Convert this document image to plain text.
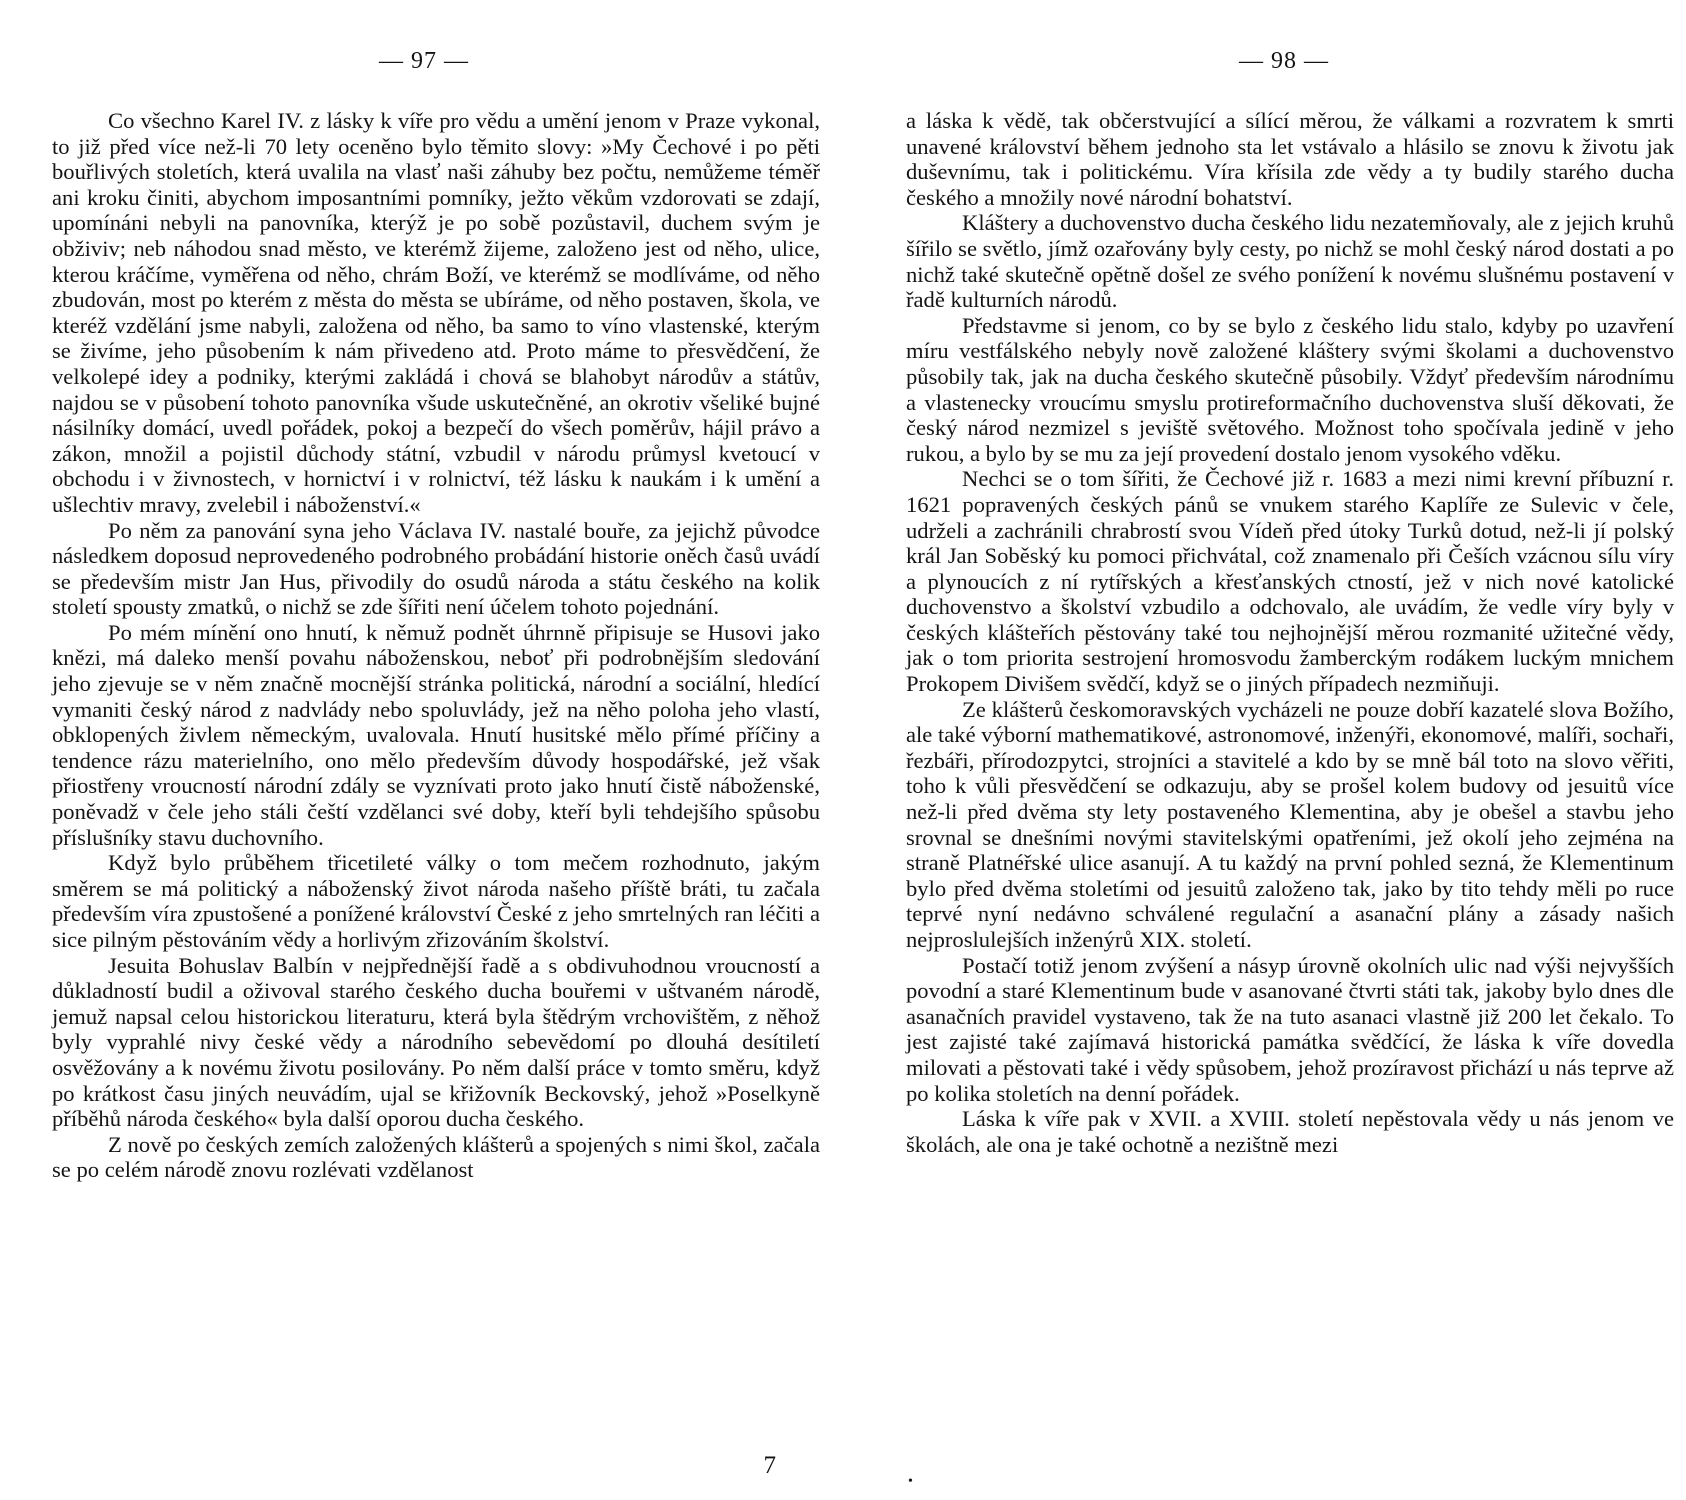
— 97 —

Co všechno Karel IV. z lásky k víře pro vědu a umění jenom v Praze vykonal, to již před více než-li 70 lety oceněno bylo těmito slovy: »My Čechové i po pěti bouřlivých stoletích, která uvalila na vlasť naši záhuby bez počtu, nemůžeme téměř ani kroku činiti, abychom imposantními pomníky, ježto věkům vzdorovati se zdají, upomínáni nebyli na panovníka, kterýž je po sobě pozůstavil, duchem svým je obživiv; neb náhodou snad město, ve kterémž žijeme, založeno jest od něho, ulice, kterou kráčíme, vyměřena od něho, chrám Boží, ve kterémž se modlíváme, od něho zbudován, most po kterém z města do města se ubíráme, od něho postaven, škola, ve kteréž vzdělání jsme nabyli, založena od něho, ba samo to víno vlastenské, kterým se živíme, jeho působením k nám přivedeno atd. Proto máme to přesvědčení, že velkolepé idey a podniky, kterými zakládá i chová se blahobyt národův a státův, najdou se v působení tohoto panovníka všude uskutečněné, an okrotiv všeliké bujné násilníky domácí, uvedl pořádek, pokoj a bezpečí do všech poměrův, hájil právo a zákon, množil a pojistil důchody státní, vzbudil v národu průmysl kvetoucí v obchodu i v živnostech, v hornictví i v rolnictví, též lásku k naukám i k umění a ušlechtiv mravy, zvelebil i náboženství.«

Po něm za panování syna jeho Václava IV. nastalé bouře, za jejichž původce následkem doposud neprovedeného podrobného probádání historie oněch časů uvádí se především mistr Jan Hus, přivodily do osudů národa a státu českého na kolik století spousty zmatků, o nichž se zde šířiti není účelem tohoto pojednání.

Po mém mínění ono hnutí, k němuž podnět úhrnně připisuje se Husovi jako knězi, má daleko menší povahu náboženskou, neboť při podrobnějším sledování jeho zjevuje se v něm značně mocnější stránka politická, národní a sociální, hledící vymaniti český národ z nadvlády nebo spoluvlády, jež na něho poloha jeho vlastí, obklopených živlem německým, uvalovala. Hnutí husitské mělo přímé příčiny a tendence rázu materielního, ono mělo především důvody hospodářské, jež však přiostřeny vroucností národní zdály se vyznívati proto jako hnutí čistě náboženské, poněvadž v čele jeho stáli čeští vzdělanci své doby, kteří byli tehdejšího spůsobu příslušníky stavu duchovního.

Když bylo průběhem třicetileté války o tom mečem rozhodnuto, jakým směrem se má politický a náboženský život národa našeho příště bráti, tu začala především víra zpustošené a ponížené království České z jeho smrtelných ran léčiti a sice pilným pěstováním vědy a horlivým zřizováním školství.

Jesuita Bohuslav Balbín v nejpřednější řadě a s obdivuhodnou vroucností a důkladností budil a oživoval starého českého ducha bouřemi v uštvaném národě, jemuž napsal celou historickou literaturu, která byla štědrým vrchovištěm, z něhož byly vyprahlé nivy české vědy a národního sebevědomí po dlouhá desítiletí osvěžovány a k novému životu posilovány. Po něm další práce v tomto směru, když po krátkost času jiných neuvádím, ujal se křižovník Beckovský, jehož »Poselkyně příběhů národa českého« byla další oporou ducha českého.

Z nově po českých zemích založených klášterů a spojených s nimi škol, začala se po celém národě znovu rozlévati vzdělanost

7
— 98 —

a láska k vědě, tak občerstvující a sílící měrou, že válkami a rozvratem k smrti unavené království během jednoho sta let vstávalo a hlásilo se znovu k životu jak duševnímu, tak i politickému. Víra křísila zde vědy a ty budily starého ducha českého a množily nové národní bohatství.

Kláštery a duchovenstvo ducha českého lidu nezatemňovaly, ale z jejich kruhů šířilo se světlo, jímž ozařovány byly cesty, po nichž se mohl český národ dostati a po nichž také skutečně opětně došel ze svého ponížení k novému slušnému postavení v řadě kulturních národů.

Představme si jenom, co by se bylo z českého lidu stalo, kdyby po uzavření míru vestfálského nebyly nově založené kláštery svými školami a duchovenstvo působily tak, jak na ducha českého skutečně působily. Vždyť především národnímu a vlastenecky vroucímu smyslu protireformačního duchovenstva sluší děkovati, že český národ nezmizel s jeviště světového. Možnost toho spočívala jedině v jeho rukou, a bylo by se mu za její provedení dostalo jenom vysokého vděku.

Nechci se o tom šířiti, že Čechové již r. 1683 a mezi nimi krevní příbuzní r. 1621 popravených českých pánů se vnukem starého Kaplíře ze Sulevic v čele, udrželi a zachránili chrabrostí svou Vídeň před útoky Turků dotud, než-li jí polský král Jan Soběský ku pomoci přichvátal, což znamenalo při Češích vzácnou sílu víry a plynoucích z ní rytířských a křesťanských ctností, jež v nich nové katolické duchovenstvo a školství vzbudilo a odchovalo, ale uvádím, že vedle víry byly v českých klášteřích pěstovány také tou nejhojnější měrou rozmanité užitečné vědy, jak o tom priorita sestrojení hromosvodu žamberckým rodákem luckým mnichem Prokopem Divišem svědčí, když se o jiných případech nezmiňuji.

Ze klášterů českomoravských vycházeli ne pouze dobří kazatelé slova Božího, ale také výborní mathematikové, astronomové, inženýři, ekonomové, malíři, sochaři, řezbáři, přírodozpytci, strojníci a stavitelé a kdo by se mně bál toto na slovo věřiti, toho k vůli přesvědčení se odkazuju, aby se prošel kolem budovy od jesuitů více než-li před dvěma sty lety postaveného Klementina, aby je obešel a stavbu jeho srovnal se dnešními novými stavitelskými opatřeními, jež okolí jeho zejména na straně Platnéřské ulice asanují. A tu každý na první pohled sezná, že Klementinum bylo před dvěma stoletími od jesuitů založeno tak, jako by tito tehdy měli po ruce teprvé nyní nedávno schválené regulační a asanační plány a zásady našich nejproslulejších inženýrů XIX. století.

Postačí totiž jenom zvýšení a násyp úrovně okolních ulic nad výši nejvyšších povodní a staré Klementinum bude v asanované čtvrti státi tak, jakoby bylo dnes dle asanačních pravidel vystaveno, tak že na tuto asanaci vlastně již 200 let čekalo. To jest zajisté také zajímavá historická památka svědčící, že láska k víře dovedla milovati a pěstovati také i vědy spůsobem, jehož prozíravost přichází u nás teprve až po kolika stoletích na denní pořádek.

Láska k víře pak v XVII. a XVIII. století nepěstovala vědy u nás jenom ve školách, ale ona je také ochotně a nezištně mezi

•
